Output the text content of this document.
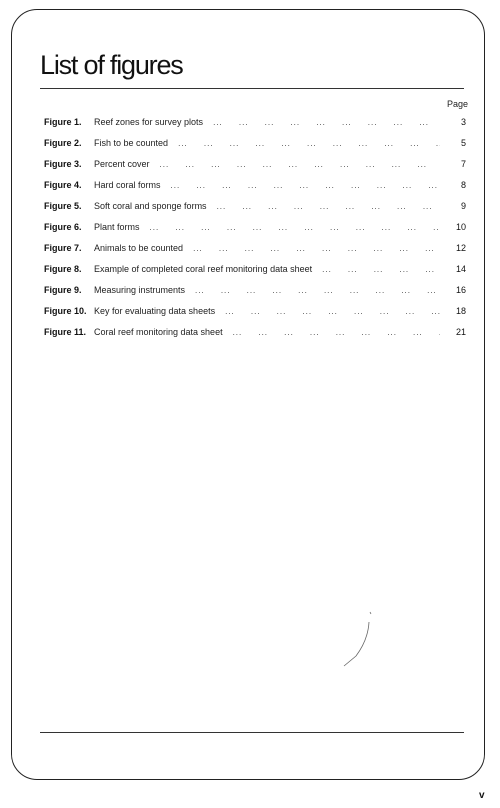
List of figures
Page
Figure 1.	Reef zones for survey plots ...	3
Figure 2.	Fish to be counted ...	5
Figure 3.	Percent cover ...	7
Figure 4.	Hard coral forms ...	8
Figure 5.	Soft coral and sponge forms ...	9
Figure 6.	Plant forms ...	10
Figure 7.	Animals to be counted ...	12
Figure 8.	Example of completed coral reef monitoring data sheet ...	14
Figure 9.	Measuring instruments ...	16
Figure 10. Key for evaluating data sheets ...	18
Figure 11. Coral reef monitoring data sheet ...	21
v
